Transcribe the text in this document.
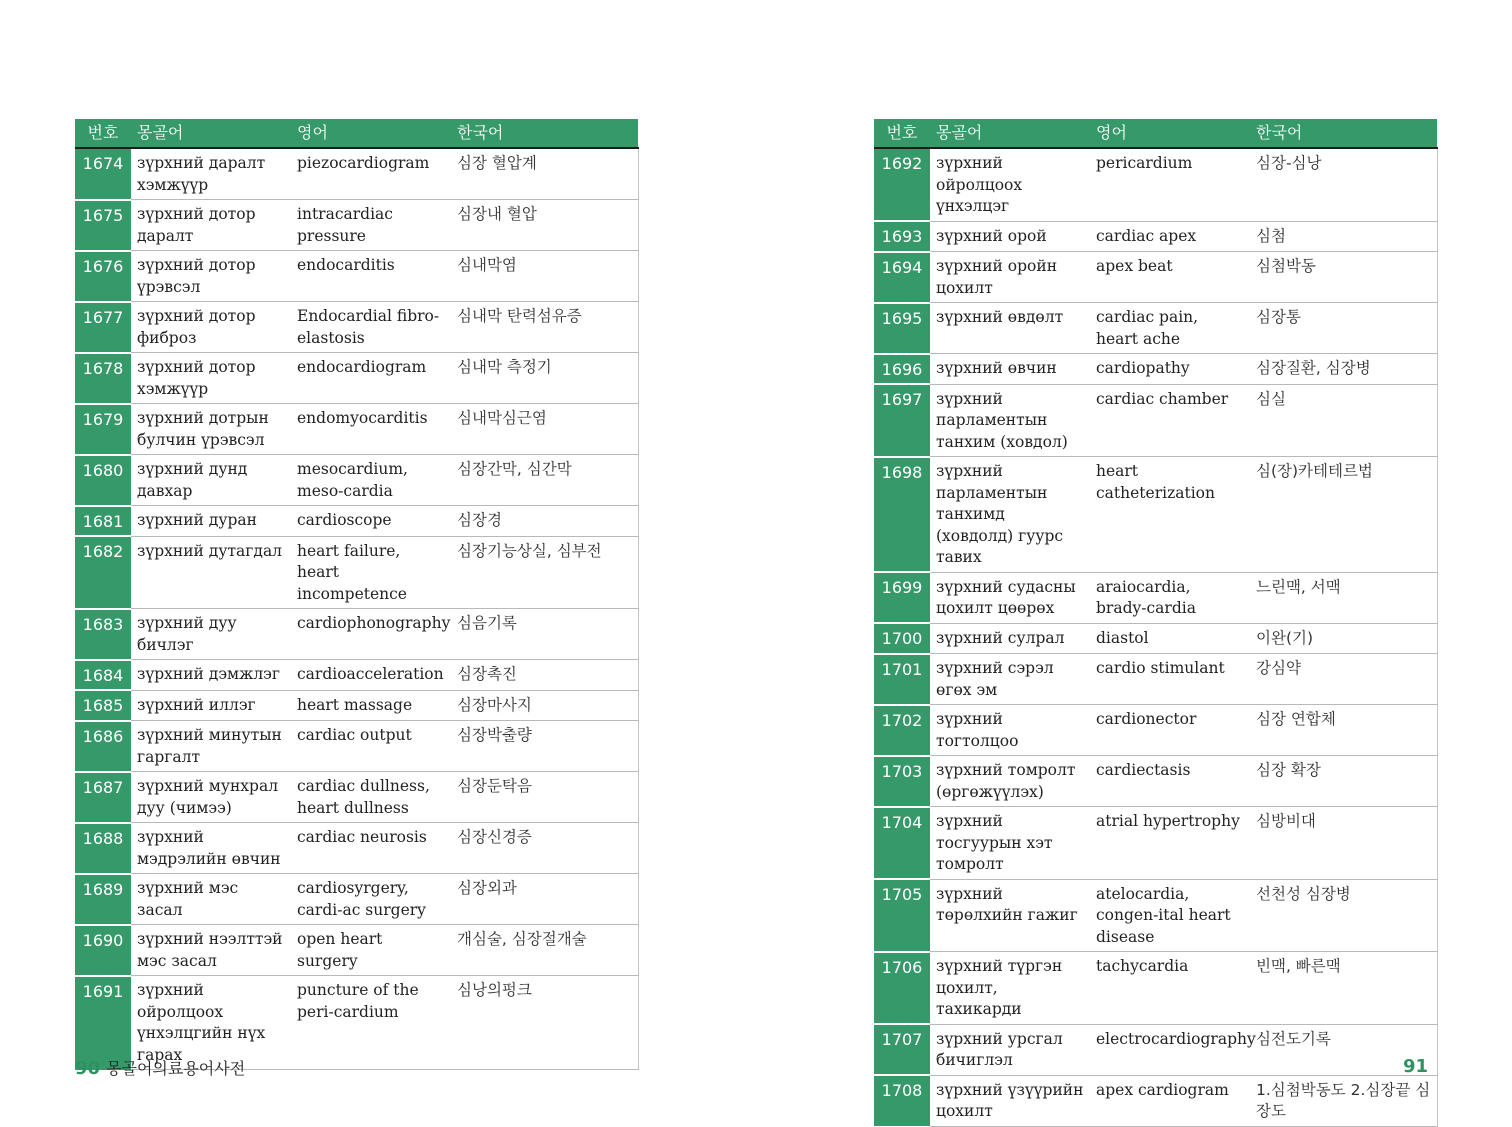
번호	몽골어	영어	한국어
1674	зүрхний даралт хэмжүүр	piezocardiogram	심장 혈압계
1675	зүрхний дотор даралт	intracardiac pressure	심장내 혈압
1676	зүрхний дотор үрэвсэл	endocarditis	심내막염
1677	зүрхний дотор фиброз	Endocardial fibro-elastosis	심내막 탄력섬유증
1678	зүрхний дотор хэмжүүр	endocardiogram	심내막 측정기
1679	зүрхний дотрын булчин үрэвсэл	endomyocarditis	심내막심근염
1680	зүрхний дунд давхар	mesocardium, meso-cardia	심장간막, 심간막
1681	зүрхний дуран	cardioscope	심장경
1682	зүрхний дутагдал	heart failure, heart incompetence	심장기능상실, 심부전
1683	зүрхний дуу бичлэг	cardiophonography	심음기록
1684	зүрхний дэмжлэг	cardioacceleration	심장촉진
1685	зүрхний иллэг	heart massage	심장마사지
1686	зүрхний минутын гаргалт	cardiac output	심장박출량
1687	зүрхний мунхрал дуу (чимээ)	cardiac dullness, heart dullness	심장둔탁음
1688	зүрхний мэдрэлийн өвчин	cardiac neurosis	심장신경증
1689	зүрхний мэс засал	cardiosyrgery, cardi-ac surgery	심장외과
1690	зүрхний нээлттэй мэс засал	open heart surgery	개심술, 심장절개술
1691	зүрхний ойролцоох үнхэлцгийн нүх гарах	puncture of the peri-cardium	심낭의펑크
번호	몽골어	영어	한국어
1692	зүрхний ойролцоох үнхэлцэг	pericardium	심장-심낭
1693	зүрхний орой	cardiac apex	심첨
1694	зүрхний оройн цохилт	apex beat	심첨박동
1695	зүрхний өвдөлт	cardiac pain, heart ache	심장통
1696	зүрхний өвчин	cardiopathy	심장질환, 심장병
1697	зүрхний парламентын танхим (ховдол)	cardiac chamber	심실
1698	зүрхний парламентын танхимд (ховдолд) гуурс тавих	heart catheterization	심(장)카테테르법
1699	зүрхний судасны цохилт цөөрөх	araiocardia, brady-cardia	느린맥, 서맥
1700	зүрхний сулрал	diastol	이완(기)
1701	зүрхний сэрэл өгөх эм	cardio stimulant	강심약
1702	зүрхний тогтолцоо	cardionector	심장 연합체
1703	зүрхний томролт (өргөжүүлэх)	cardiectasis	심장 확장
1704	зүрхний тосгуурын хэт томролт	atrial hypertrophy	심방비대
1705	зүрхний төрөлхийн гажиг	atelocardia, congen-ital heart disease	선천성 심장병
1706	зүрхний түргэн цохилт, тахикарди	tachycardia	빈맥, 빠른맥
1707	зүрхний урсгал бичиглэл	electrocardiography	심전도기록
1708	зүрхний үзүүрийн цохилт	apex cardiogram	1.심첨박동도 2.심장끝 심장도
90 몽골어의료용어사전	91
